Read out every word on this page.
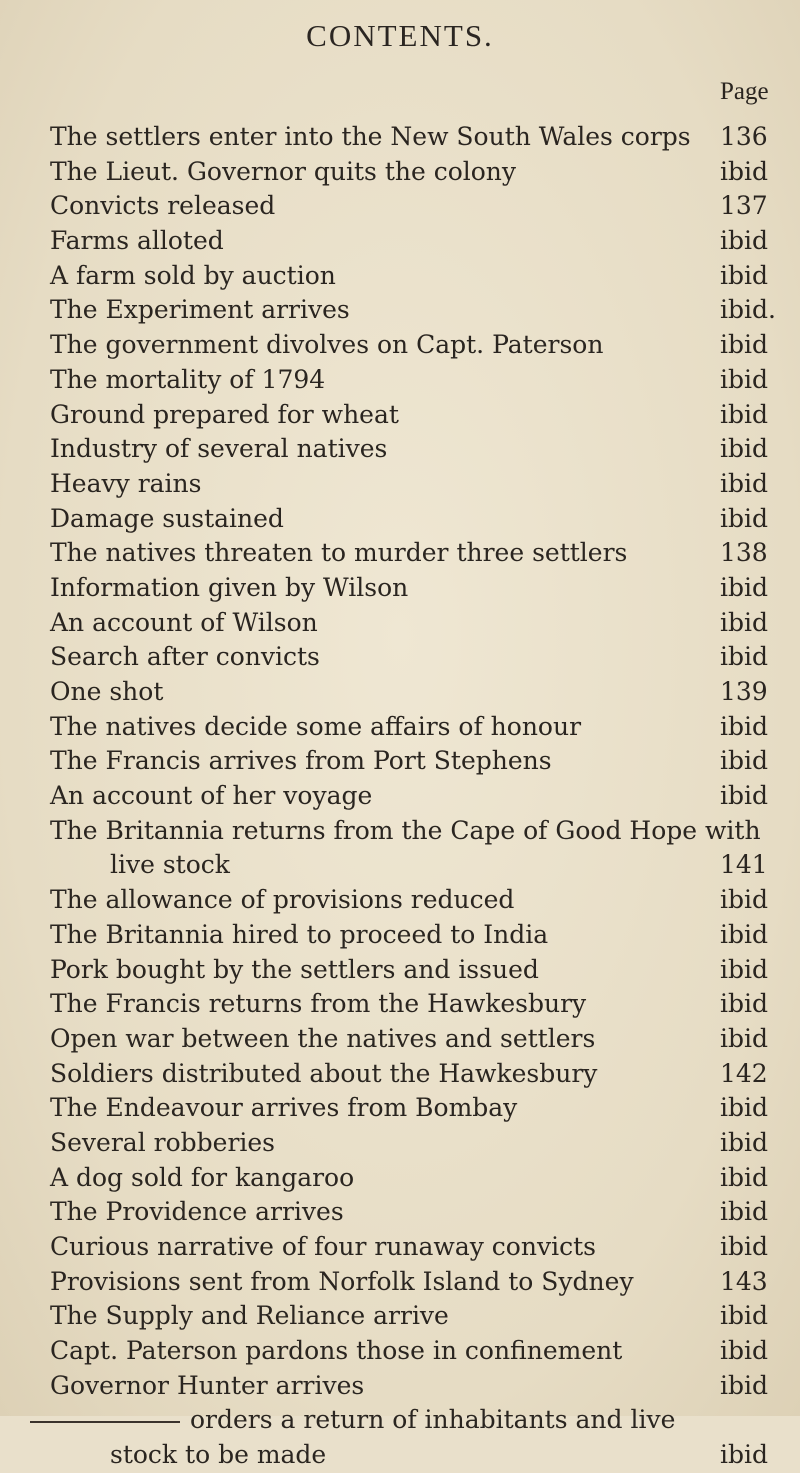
CONTENTS.
Page
The settlers enter into the New South Wales corps 136
The Lieut. Governor quits the colony	ibid
Convicts released	137
Farms alloted	ibid
A farm sold by auction	ibid
The Experiment arrives	ibid.
The government divolves on Capt. Paterson	ibid
The mortality of 1794	ibid
Ground prepared for wheat	ibid
Industry of several natives	ibid
Heavy rains	ibid
Damage sustained	ibid
The natives threaten to murder three settlers	138
Information given by Wilson	ibid
An account of Wilson	ibid
Search after convicts	ibid
One shot	139
The natives decide some affairs of honour	ibid
The Francis arrives from Port Stephens	ibid
An account of her voyage	ibid
The Britannia returns from the Cape of Good Hope with
live stock	141
The allowance of provisions reduced	ibid
The Britannia hired to proceed to India	ibid
Pork bought by the settlers and issued	ibid
The Francis returns from the Hawkesbury	ibid
Open war between the natives and settlers	ibid
Soldiers distributed about the Hawkesbury	142
The Endeavour arrives from Bombay	ibid
Several robberies	ibid
A dog sold for kangaroo	ibid
The Providence arrives	ibid
Curious narrative of four runaway convicts	ibid
Provisions sent from Norfolk Island to Sydney	143
The Supply and Reliance arrive	ibid
Capt. Paterson pardons those in confinement	ibid
Governor Hunter arrives	ibid
orders a return of inhabitants and live
stock to be made	ibid
